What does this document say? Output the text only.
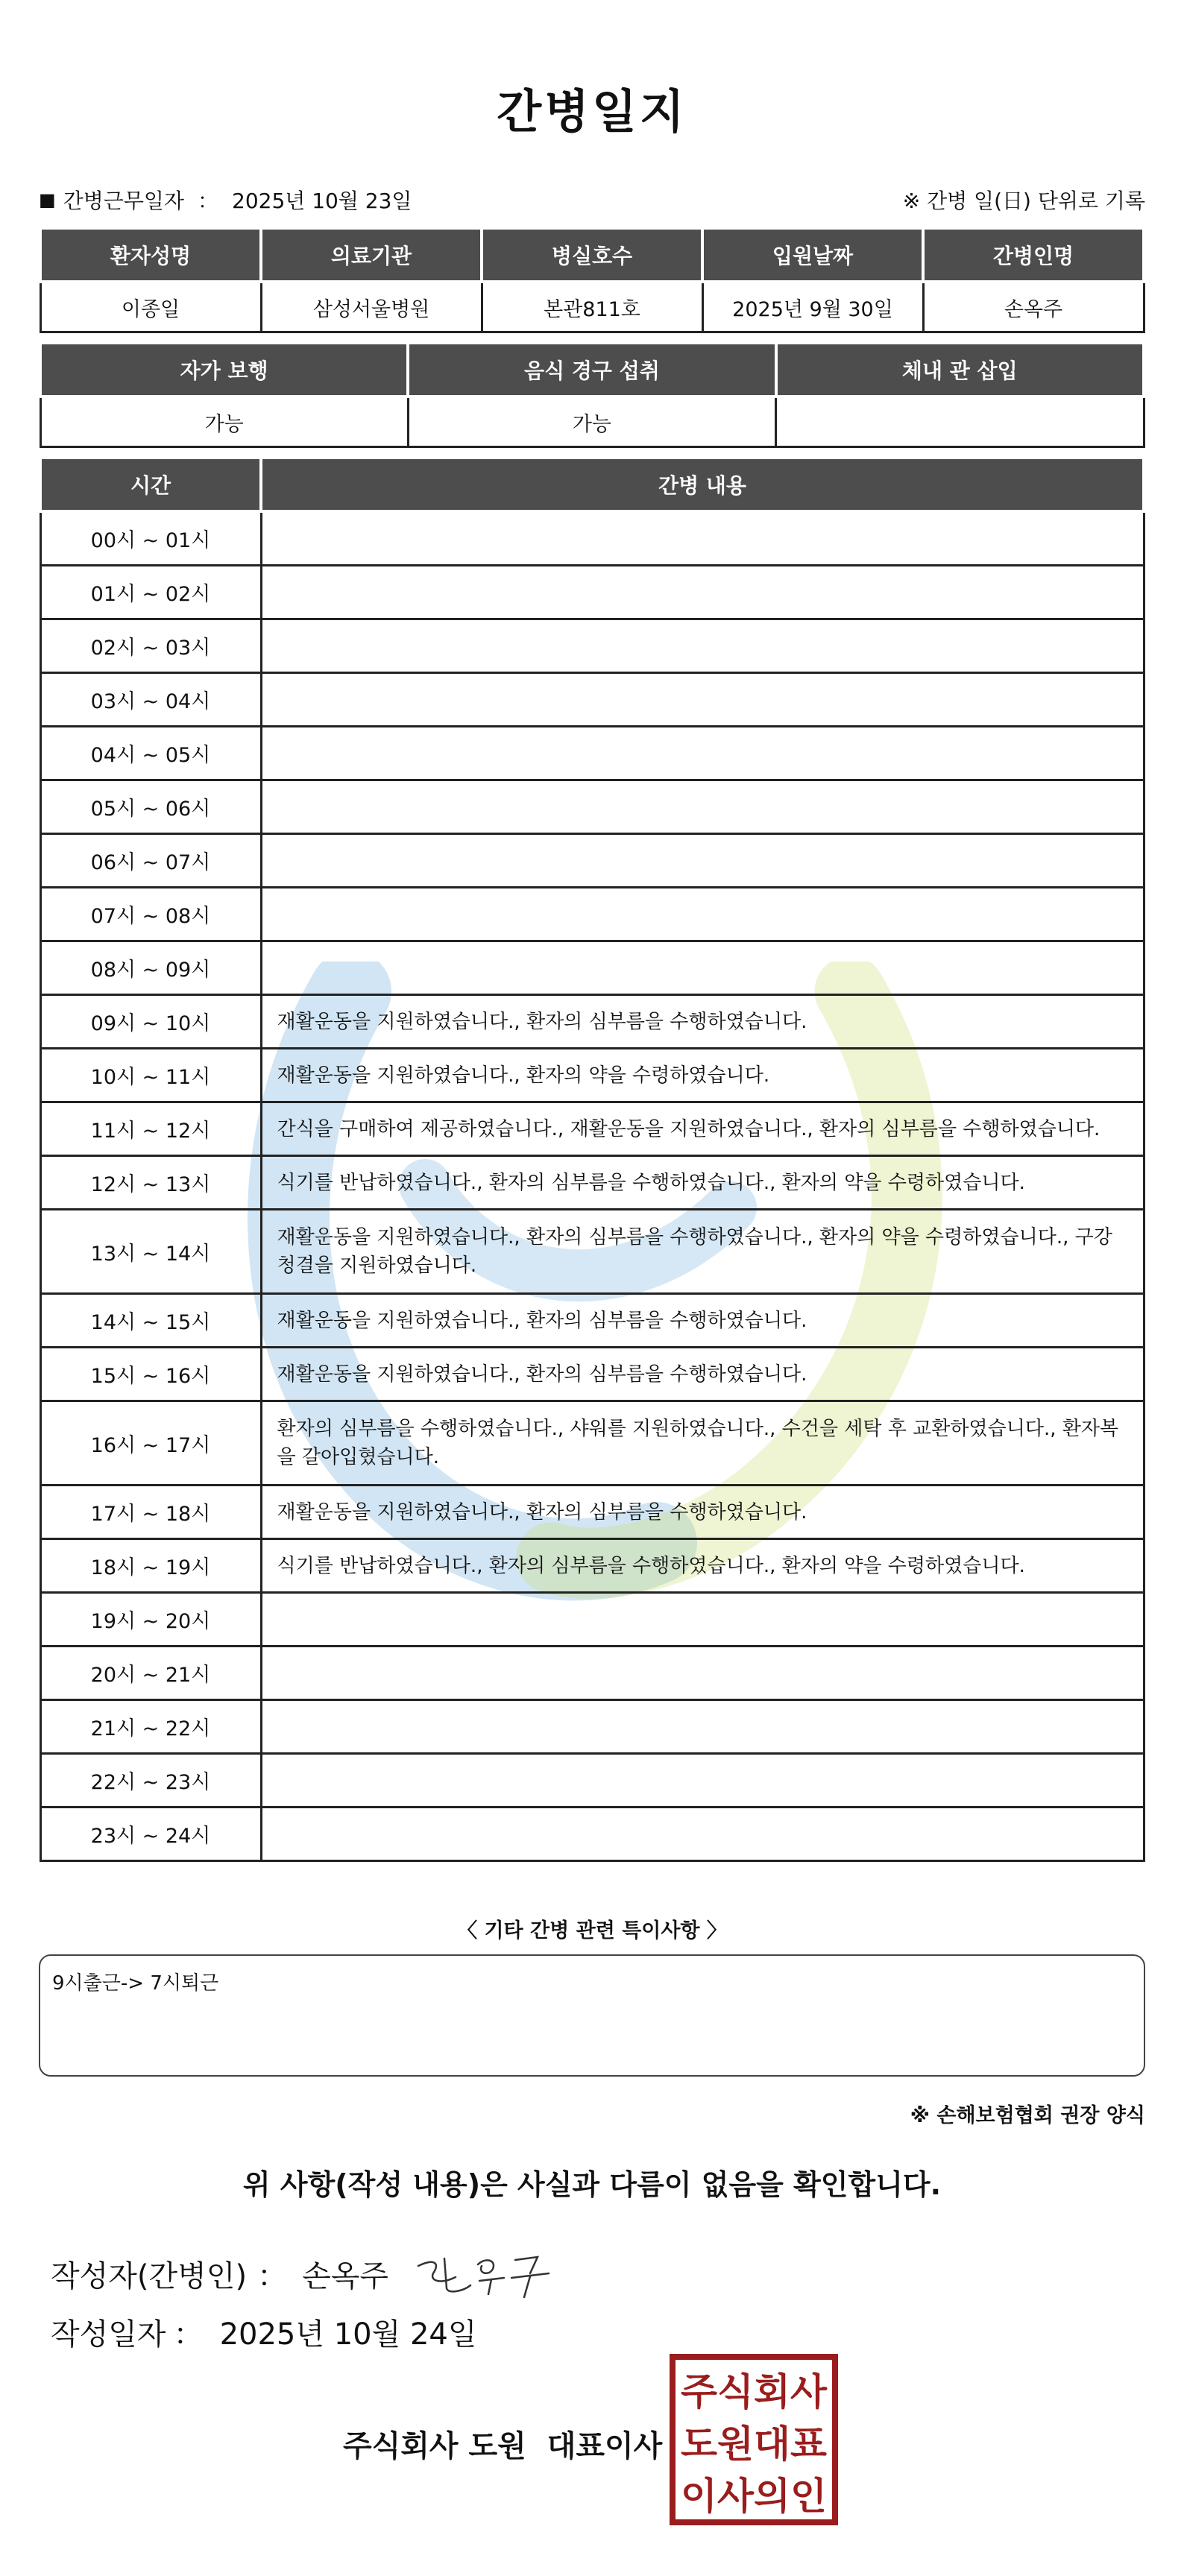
간병일지
■ 간병근무일자 ： 2025년 10월 23일	※ 간병 일(日) 단위로 기록
환자성명	의료기관	병실호수	입원날짜	간병인명
이종일	삼성서울병원	본관811호	2025년 9월 30일	손옥주
자가 보행	음식 경구 섭취	체내 관 삽입
가능	가능	
시간	간병 내용
00시 ~ 01시	
01시 ~ 02시	
02시 ~ 03시	
03시 ~ 04시	
04시 ~ 05시	
05시 ~ 06시	
06시 ~ 07시	
07시 ~ 08시	
08시 ~ 09시	
09시 ~ 10시	재활운동을 지원하였습니다., 환자의 심부름을 수행하였습니다.
10시 ~ 11시	재활운동을 지원하였습니다., 환자의 약을 수령하였습니다.
11시 ~ 12시	간식을 구매하여 제공하였습니다., 재활운동을 지원하였습니다., 환자의 심부름을 수행하였습니다.
12시 ~ 13시	식기를 반납하였습니다., 환자의 심부름을 수행하였습니다., 환자의 약을 수령하였습니다.
13시 ~ 14시	재활운동을 지원하였습니다., 환자의 심부름을 수행하였습니다., 환자의 약을 수령하였습니다., 구강 청결을 지원하였습니다.
14시 ~ 15시	재활운동을 지원하였습니다., 환자의 심부름을 수행하였습니다.
15시 ~ 16시	재활운동을 지원하였습니다., 환자의 심부름을 수행하였습니다.
16시 ~ 17시	환자의 심부름을 수행하였습니다., 샤워를 지원하였습니다., 수건을 세탁 후 교환하였습니다., 환자복을 갈아입혔습니다.
17시 ~ 18시	재활운동을 지원하였습니다., 환자의 심부름을 수행하였습니다.
18시 ~ 19시	식기를 반납하였습니다., 환자의 심부름을 수행하였습니다., 환자의 약을 수령하였습니다.
19시 ~ 20시	
20시 ~ 21시	
21시 ~ 22시	
22시 ~ 23시	
23시 ~ 24시	
〈 기타 간병 관련 특이사항 〉
9시출근-> 7시퇴근
※ 손해보험협회 권장 양식
위 사항(작성 내용)은 사실과 다름이 없음을 확인합니다.
작성자(간병인) ： 손옥주
작성일자 ： 2025년 10월 24일
주식회사 도원 대표이사
주식회사
도원대표
이사의인
